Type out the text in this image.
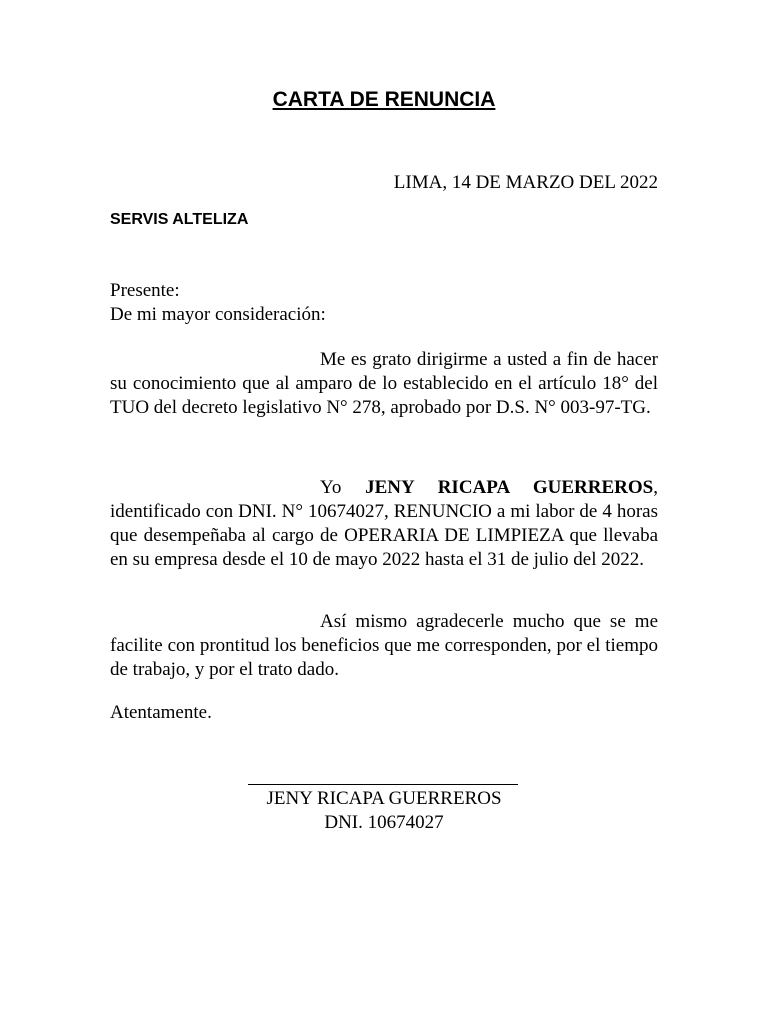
CARTA DE RENUNCIA
LIMA, 14 DE MARZO DEL 2022
SERVIS ALTELIZA
Presente:
De mi mayor consideración:
Me es grato dirigirme a usted a fin de hacer su conocimiento que al amparo de lo establecido en el artículo 18° del TUO del decreto legislativo N° 278, aprobado por D.S. N° 003-97-TG.
Yo JENY RICAPA GUERREROS, identificado con DNI. N° 10674027, RENUNCIO a mi labor de 4 horas que desempeñaba al cargo de OPERARIA DE LIMPIEZA que llevaba en su empresa desde el 10 de mayo 2022 hasta el 31 de julio del 2022.
Así mismo agradecerle mucho que se me facilite con prontitud los beneficios que me corresponden, por el tiempo de trabajo, y por el trato dado.
Atentamente.
JENY RICAPA GUERREROS
DNI. 10674027
